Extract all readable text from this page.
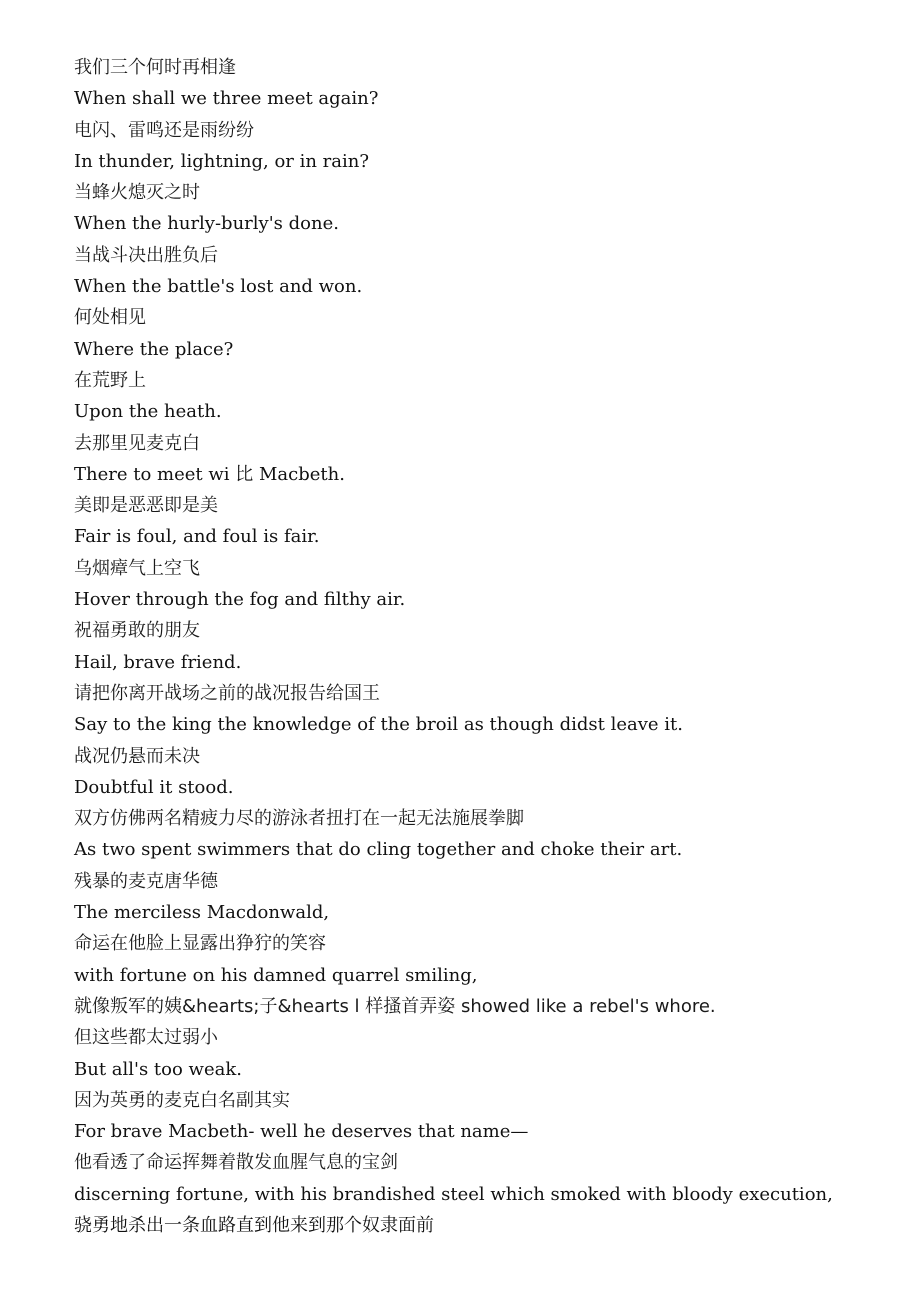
我们三个何时再相逢

When shall we three meet again?

电闪、雷鸣还是雨纷纷

In thunder, lightning, or in rain?

当蜂火熄灭之时

When the hurly-burly's done.

当战斗决出胜负后

When the battle's lost and won.

何处相见

Where the place?

在荒野上

Upon the heath.

去那里见麦克白

There to meet wi 比 Macbeth.

美即是恶恶即是美

Fair is foul, and foul is fair.

乌烟瘴气上空飞

Hover through the fog and filthy air.

祝福勇敢的朋友

Hail, brave friend.

请把你离开战场之前的战况报告给国王

Say to the king the knowledge of the broil as though didst leave it.

战况仍悬而未决

Doubtful it stood.

双方仿佛两名精疲力尽的游泳者扭打在一起无法施展拳脚

As two spent swimmers that do cling together and choke their art.

残暴的麦克唐华德

The merciless Macdonwald,

命运在他脸上显露出狰狞的笑容

with fortune on his damned quarrel smiling,

就像叛军的姨&hearts;子&hearts l 样搔首弄姿 showed like a rebel's whore.

但这些都太过弱小

But all's too weak.

因为英勇的麦克白名副其实

For brave Macbeth- well he deserves that name—

他看透了命运挥舞着散发血腥气息的宝剑

discerning fortune, with his brandished steel which smoked with bloody execution, 骁勇地杀出一条血路直到他来到那个奴隶面前
